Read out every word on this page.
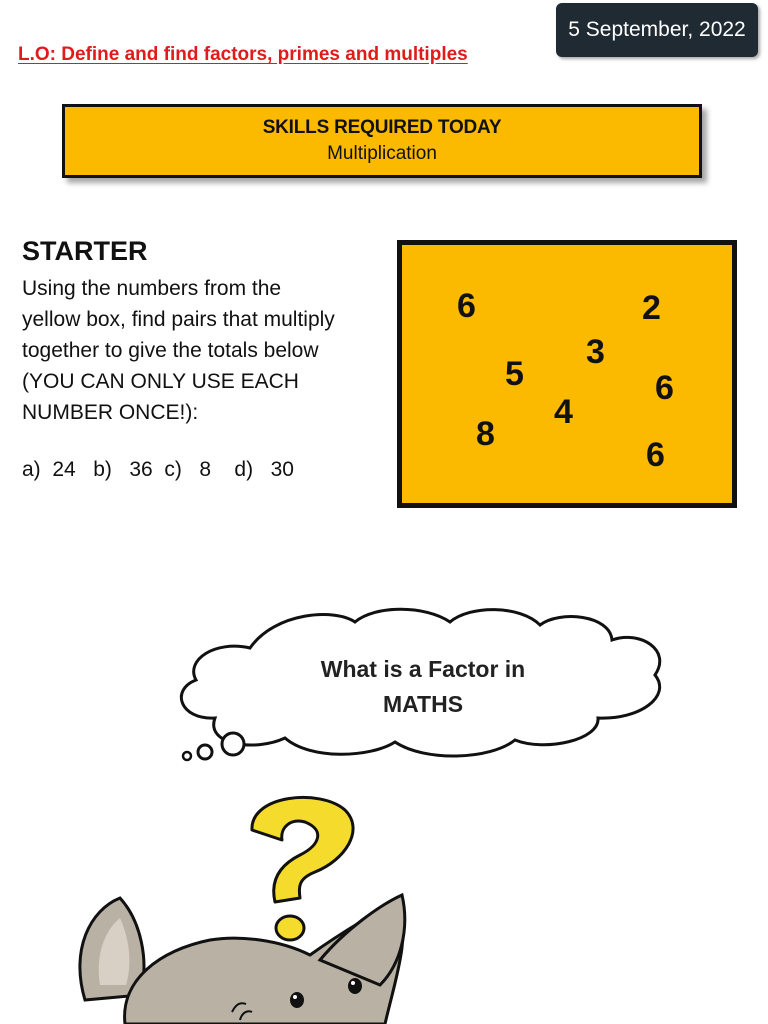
5 September, 2022
L.O: Define and find factors, primes and multiples
SKILLS REQUIRED TODAY
Multiplication
STARTER

Using the numbers from the

yellow box, find pairs that multiply

together to give the totals below

(YOU CAN ONLY USE EACH

NUMBER ONCE!):

a)  24   b)   36  c)   8    d)   30
6	2
3
5	6
4
8
6
What is a Factor in
MATHS
